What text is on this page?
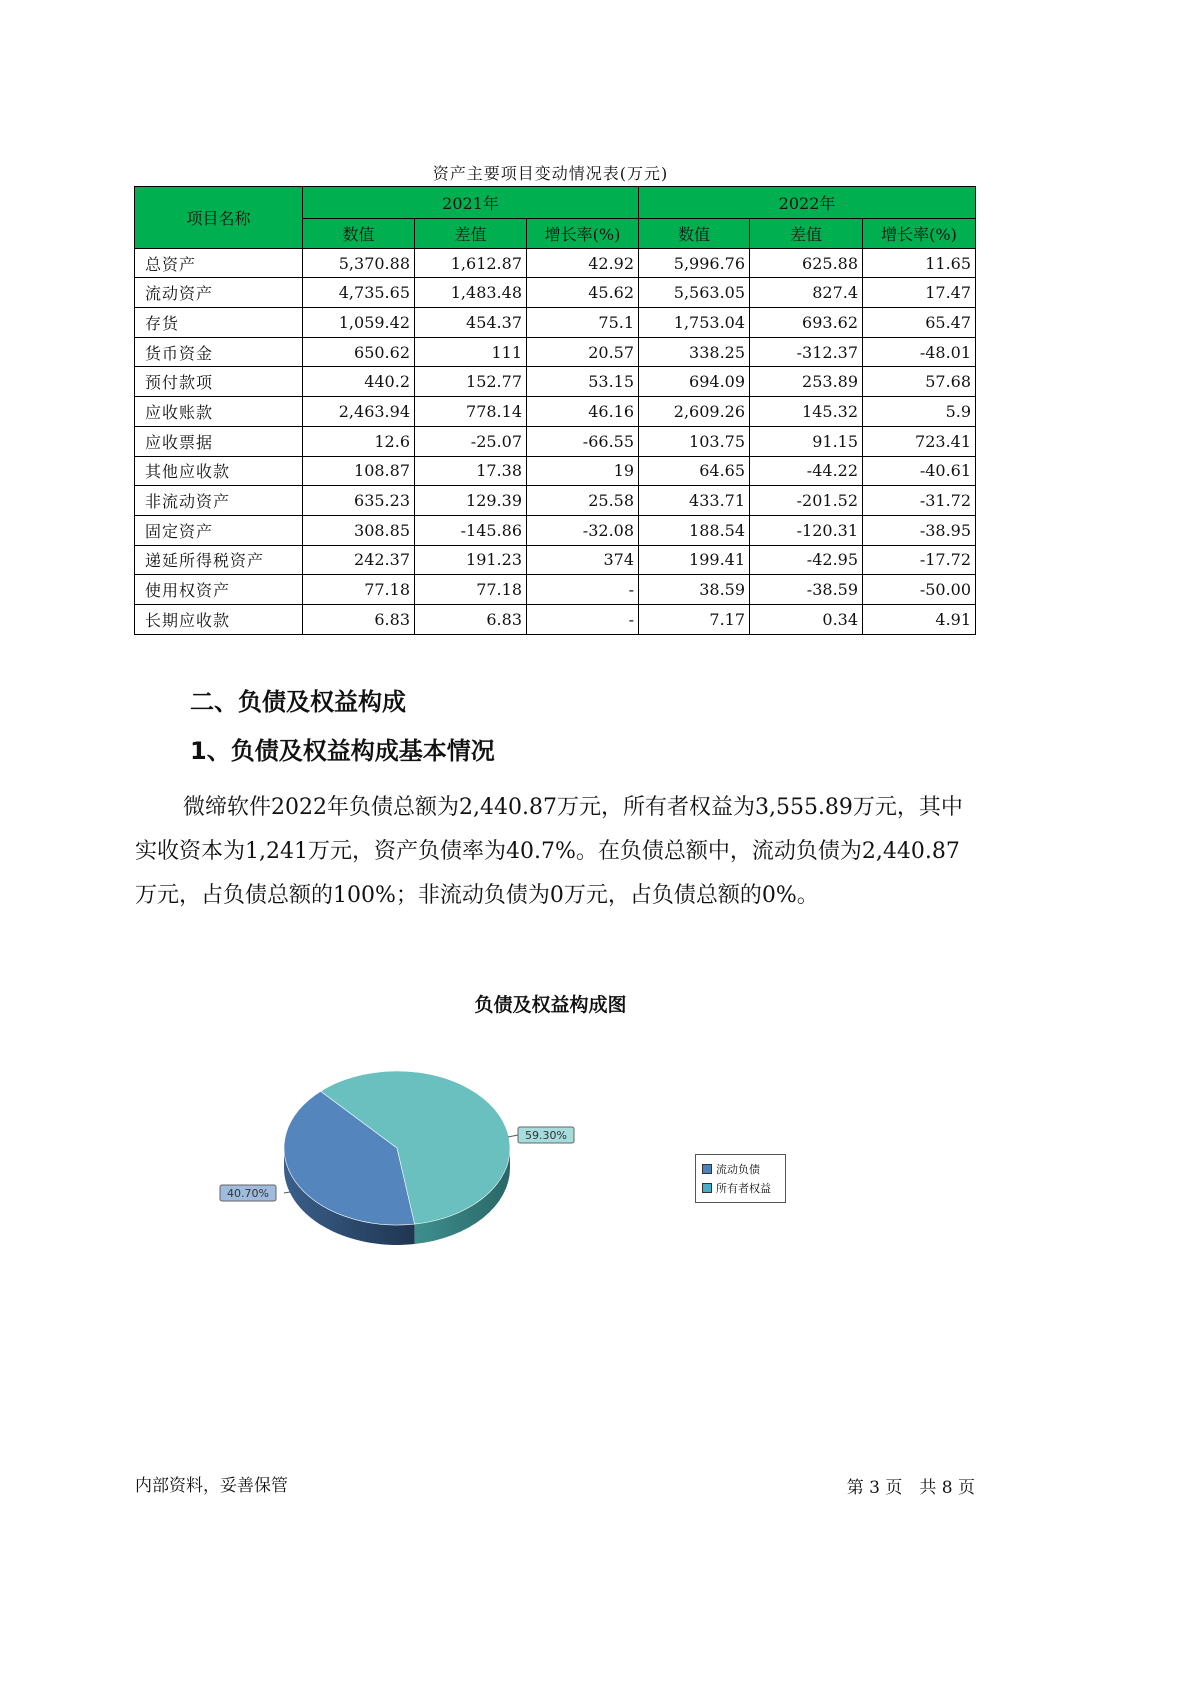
资产主要项目变动情况表(万元)
项目名称	2021年			2022年		
	数值	差值	增长率(%)	数值	差值	增长率(%)
总资产	5,370.88	1,612.87	42.92	5,996.76	625.88	11.65
流动资产	4,735.65	1,483.48	45.62	5,563.05	827.4	17.47
存货	1,059.42	454.37	75.1	1,753.04	693.62	65.47
货币资金	650.62	111	20.57	338.25	-312.37	-48.01
预付款项	440.2	152.77	53.15	694.09	253.89	57.68
应收账款	2,463.94	778.14	46.16	2,609.26	145.32	5.9
应收票据	12.6	-25.07	-66.55	103.75	91.15	723.41
其他应收款	108.87	17.38	19	64.65	-44.22	-40.61
非流动资产	635.23	129.39	25.58	433.71	-201.52	-31.72
固定资产	308.85	-145.86	-32.08	188.54	-120.31	-38.95
递延所得税资产	242.37	191.23	374	199.41	-42.95	-17.72
使用权资产	77.18	77.18	-	38.59	-38.59	-50.00
长期应收款	6.83	6.83	-	7.17	0.34	4.91
二、负债及权益构成
1、负债及权益构成基本情况

微缔软件2022年负债总额为2,440.87万元，所有者权益为3,555.89万元，其中实收资本为1,241万元，资产负债率为40.7%。在负债总额中，流动负债为2,440.87万元，占负债总额的100%；非流动负债为0万元，占负债总额的0%。

负债及权益构成图
40.70%
59.30%
流动负债
所有者权益
内部资料，妥善保管	第 3 页　共 8 页
